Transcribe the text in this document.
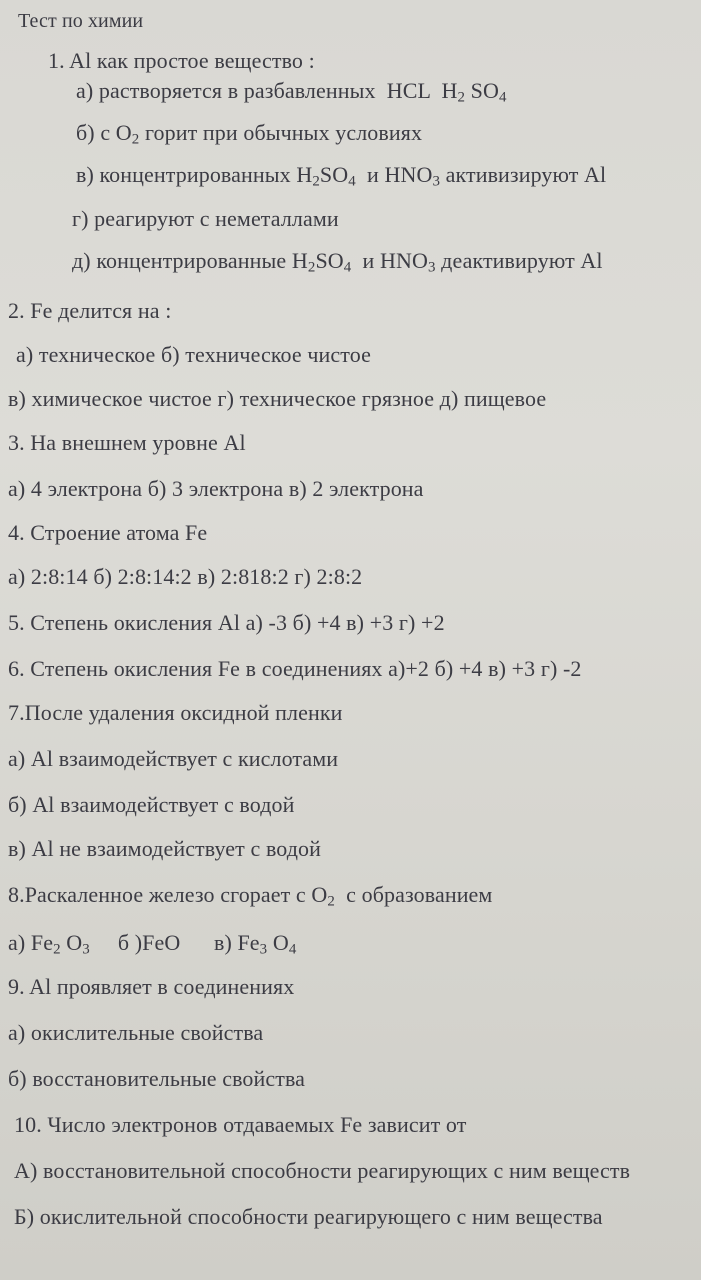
Тест по химии
1. Al как простое вещество :
а) растворяется в разбавленных  HCL  $H_2$ $SO_4$
б) с $O_2$ горит при обычных условиях
в) концентрированных $H_2SO_4$  и $HNO_3$ активизируют Al
г) реагируют с неметаллами
д) концентрированные $H_2SO_4$  и $HNO_3$ деактивируют Al
2. Fe делится на :
а) техническое б) техническое чистое
в) химическое чистое г) техническое грязное д) пищевое
3. На внешнем уровне Al
а) 4 электрона б) 3 электрона в) 2 электрона
4. Строение атома Fe
а) 2:8:14 б) 2:8:14:2 в) 2:818:2 г) 2:8:2
5. Степень окисления Al а) -3 б) +4 в) +3 г) +2
6. Степень окисления Fe в соединениях а)+2 б) +4 в) +3 г) -2
7.После удаления оксидной пленки
а) Al взаимодействует с кислотами
б) Al взаимодействует с водой
в) Al не взаимодействует с водой
8.Раскаленное железо сгорает с $O_2$  с образованием
а) $Fe_2$ $O_3$     б )FeO      в) $Fe_3$ $O_4$
9. Al проявляет в соединениях
а) окислительные свойства
б) восстановительные свойства
10. Число электронов отдаваемых Fe зависит от
А) восстановительной способности реагирующих с ним веществ
Б) окислительной способности реагирующего с ним вещества
